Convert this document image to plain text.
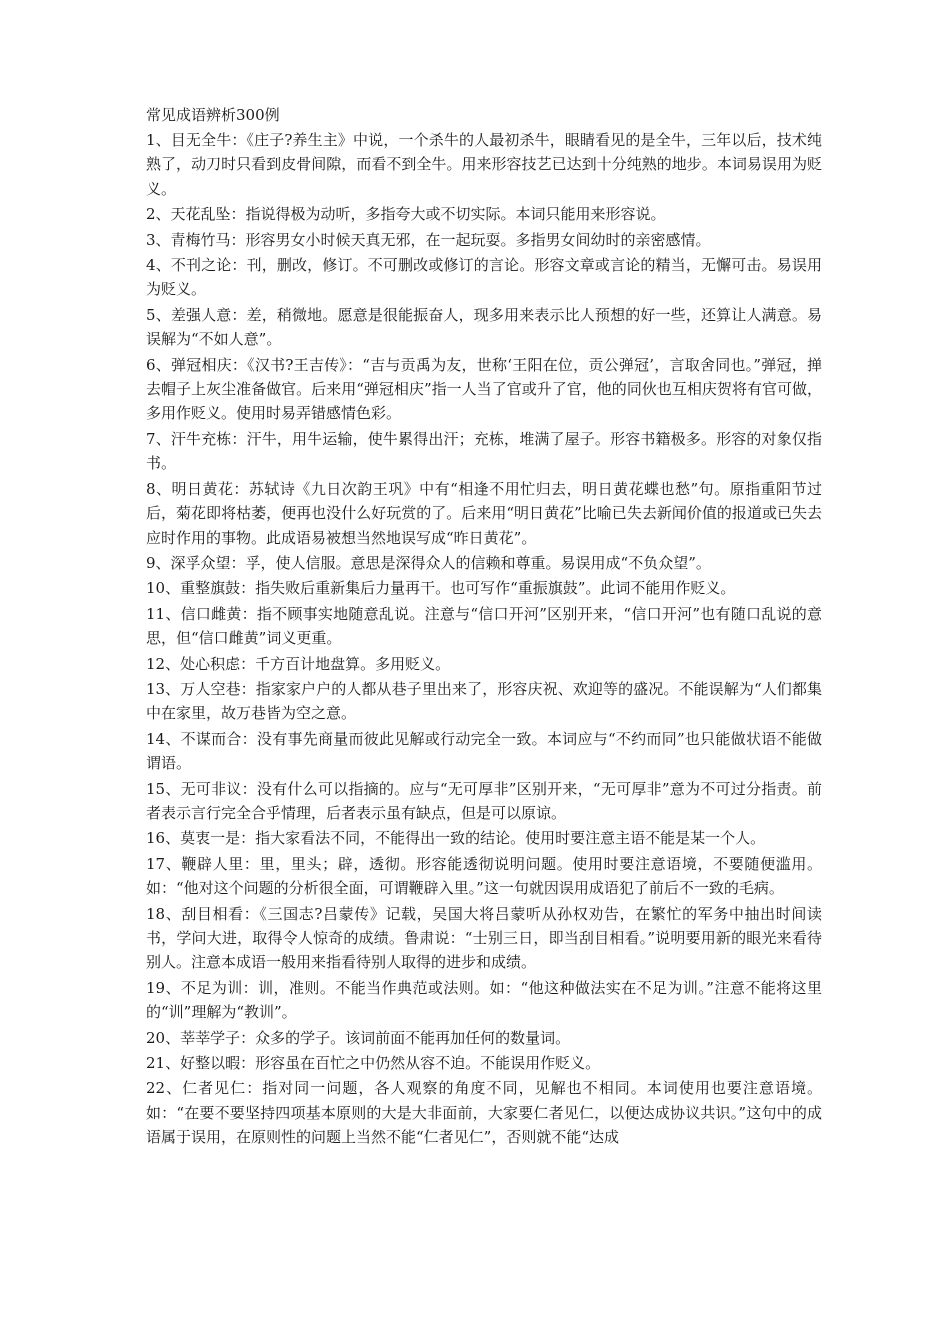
常见成语辨析300例
1、目无全牛：《庄子?养生主》中说，一个杀牛的人最初杀牛，眼睛看见的是全牛，三年以后，技术纯熟了，动刀时只看到皮骨间隙，而看不到全牛。用来形容技艺已达到十分纯熟的地步。本词易误用为贬义。
2、天花乱坠：指说得极为动听，多指夸大或不切实际。本词只能用来形容说。
3、青梅竹马：形容男女小时候天真无邪，在一起玩耍。多指男女间幼时的亲密感情。
4、不刊之论：刊，删改，修订。不可删改或修订的言论。形容文章或言论的精当，无懈可击。易误用为贬义。
5、差强人意：差，稍微地。愿意是很能振奋人，现多用来表示比人预想的好一些，还算让人满意。易误解为“不如人意”。
6、弹冠相庆：《汉书?王吉传》：“吉与贡禹为友，世称‘王阳在位，贡公弹冠’，言取舍同也。”弹冠，掸去帽子上灰尘准备做官。后来用“弹冠相庆”指一人当了官或升了官，他的同伙也互相庆贺将有官可做，多用作贬义。使用时易弄错感情色彩。
7、汗牛充栋：汗牛，用牛运输，使牛累得出汗；充栋，堆满了屋子。形容书籍极多。形容的对象仅指书。
8、明日黄花：苏轼诗《九日次韵王巩》中有“相逢不用忙归去，明日黄花蝶也愁”句。原指重阳节过后，菊花即将枯萎，便再也没什么好玩赏的了。后来用“明日黄花”比喻已失去新闻价值的报道或已失去应时作用的事物。此成语易被想当然地误写成“昨日黄花”。
9、深孚众望：孚，使人信服。意思是深得众人的信赖和尊重。易误用成“不负众望”。
10、重整旗鼓：指失败后重新集后力量再干。也可写作“重振旗鼓”。此词不能用作贬义。
11、信口雌黄：指不顾事实地随意乱说。注意与“信口开河”区别开来，“信口开河”也有随口乱说的意思，但“信口雌黄”词义更重。
12、处心积虑：千方百计地盘算。多用贬义。
13、万人空巷：指家家户户的人都从巷子里出来了，形容庆祝、欢迎等的盛况。不能误解为“人们都集中在家里，故万巷皆为空之意。
14、不谋而合：没有事先商量而彼此见解或行动完全一致。本词应与“不约而同”也只能做状语不能做谓语。
15、无可非议：没有什么可以指摘的。应与“无可厚非”区别开来，“无可厚非”意为不可过分指责。前者表示言行完全合乎情理，后者表示虽有缺点，但是可以原谅。
16、莫衷一是：指大家看法不同，不能得出一致的结论。使用时要注意主语不能是某一个人。
17、鞭辟人里：里，里头；辟，透彻。形容能透彻说明问题。使用时要注意语境，不要随便滥用。如：“他对这个问题的分析很全面，可谓鞭辟入里。”这一句就因误用成语犯了前后不一致的毛病。
18、刮目相看：《三国志?吕蒙传》记载，吴国大将吕蒙听从孙权劝告，在繁忙的军务中抽出时间读书，学问大进，取得令人惊奇的成绩。鲁肃说：“士别三日，即当刮目相看。”说明要用新的眼光来看待别人。注意本成语一般用来指看待别人取得的进步和成绩。
19、不足为训：训，准则。不能当作典范或法则。如：“他这种做法实在不足为训。”注意不能将这里的“训”理解为“教训”。
20、莘莘学子：众多的学子。该词前面不能再加任何的数量词。
21、好整以暇：形容虽在百忙之中仍然从容不迫。不能误用作贬义。
22、仁者见仁：指对同一问题，各人观察的角度不同，见解也不相同。本词使用也要注意语境。如：“在要不要坚持四项基本原则的大是大非面前，大家要仁者见仁，以便达成协议共识。”这句中的成语属于误用，在原则性的问题上当然不能“仁者见仁”，否则就不能“达成
